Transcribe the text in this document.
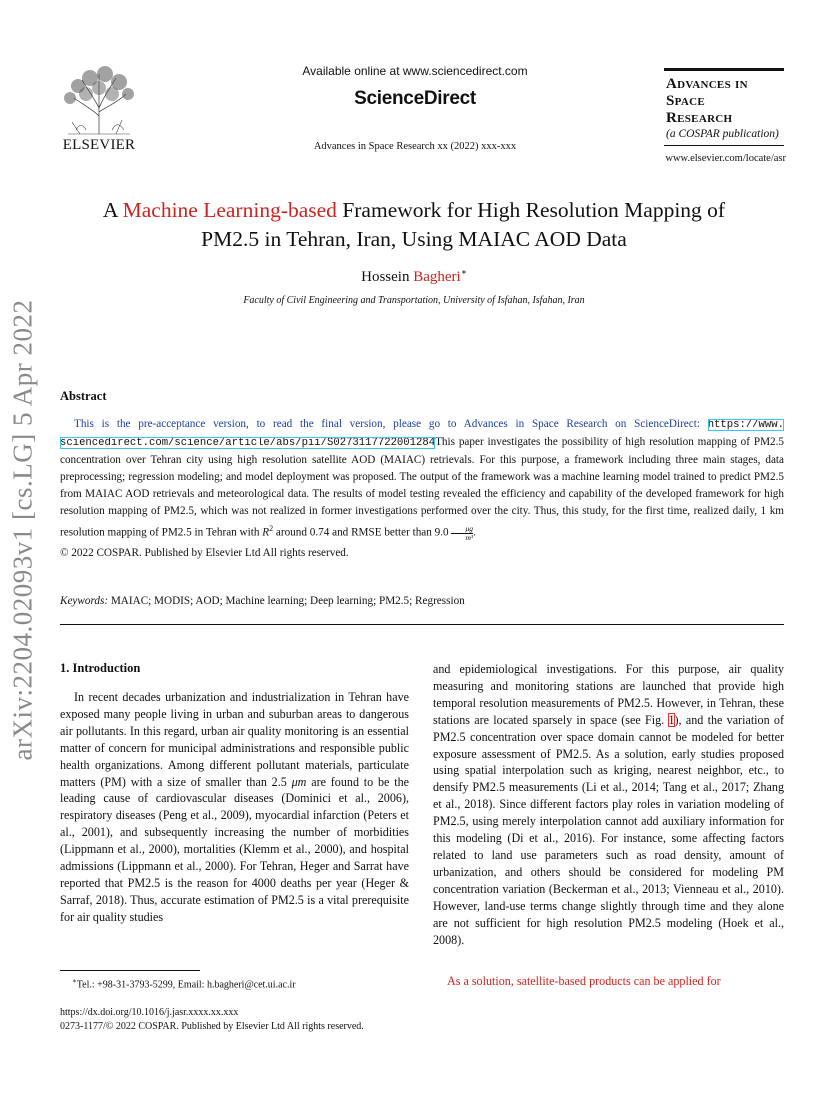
arXiv:2204.02093v1 [cs.LG] 5 Apr 2022
ELSEVIER
Available online at www.sciencedirect.com
ScienceDirect
Advances in Space Research xx (2022) xxx-xxx
Advances in
Space
Research
(a COSPAR publication)
www.elsevier.com/locate/asr
A Machine Learning-based Framework for High Resolution Mapping of
PM2.5 in Tehran, Iran, Using MAIAC AOD Data
Hossein Bagheri∗
Faculty of Civil Engineering and Transportation, University of Isfahan, Isfahan, Iran
Abstract
This is the pre-acceptance version, to read the final version, please go to Advances in Space Research on ScienceDirect: https://www. sciencedirect.com/science/article/abs/pii/S0273117722001284This paper investigates the possibility of high resolution mapping of PM2.5 concentration over Tehran city using high resolution satellite AOD (MAIAC) retrievals. For this purpose, a framework including three main stages, data preprocessing; regression modeling; and model deployment was proposed. The output of the framework was a machine learning model trained to predict PM2.5 from MAIAC AOD retrievals and meteorological data. The results of model testing revealed the efficiency and capability of the developed framework for high resolution mapping of PM2.5, which was not realized in former investigations performed over the city. Thus, this study, for the first time, realized daily, 1 km resolution mapping of PM2.5 in Tehran with $R^2$ around 0.74 and RMSE better than $9.0 \frac{\mu g}{\text{m³}}$ .
© 2022 COSPAR. Published by Elsevier Ltd All rights reserved.
Keywords: MAIAC; MODIS; AOD; Machine learning; Deep learning; PM2.5; Regression
1. Introduction
In recent decades urbanization and industrialization in Tehran have exposed many people living in urban and suburban areas to dangerous air pollutants. In this regard, urban air quality monitoring is an essential matter of concern for municipal administrations and responsible public health organizations. Among different pollutant materials, particulate matters (PM) with a size of smaller than 2.5 μm are found to be the leading cause of cardiovascular diseases (Dominici et al., 2006), respiratory diseases (Peng et al., 2009), myocardial infarction (Peters et al., 2001), and subsequently increasing the number of morbidities (Lippmann et al., 2000), mortalities (Klemm et al., 2000), and hospital admissions (Lippmann et al., 2000). For Tehran, Heger and Sarrat have reported that PM2.5 is the reason for 4000 deaths per year (Heger & Sarraf, 2018). Thus, accurate estimation of PM2.5 is a vital prerequisite for air quality studies
and epidemiological investigations. For this purpose, air quality measuring and monitoring stations are launched that provide high temporal resolution measurements of PM2.5. However, in Tehran, these stations are located sparsely in space (see Fig. 1), and the variation of PM2.5 concentration over space domain cannot be modeled for better exposure assessment of PM2.5. As a solution, early studies proposed using spatial interpolation such as kriging, nearest neighbor, etc., to densify PM2.5 measurements (Li et al., 2014; Tang et al., 2017; Zhang et al., 2018). Since different factors play roles in variation modeling of PM2.5, using merely interpolation cannot add auxiliary information for this modeling (Di et al., 2016). For instance, some affecting factors related to land use parameters such as road density, amount of urbanization, and others should be considered for modeling PM concentration variation (Beckerman et al., 2013; Vienneau et al., 2010). However, land-use terms change slightly through time and they alone are not sufficient for high resolution PM2.5 modeling (Hoek et al., 2008).
As a solution, satellite-based products can be applied for
∗Tel.: +98-31-3793-5299, Email: h.bagheri@cet.ui.ac.ir
https://dx.doi.org/10.1016/j.jasr.xxxx.xx.xxx
0273-1177/© 2022 COSPAR. Published by Elsevier Ltd All rights reserved.
